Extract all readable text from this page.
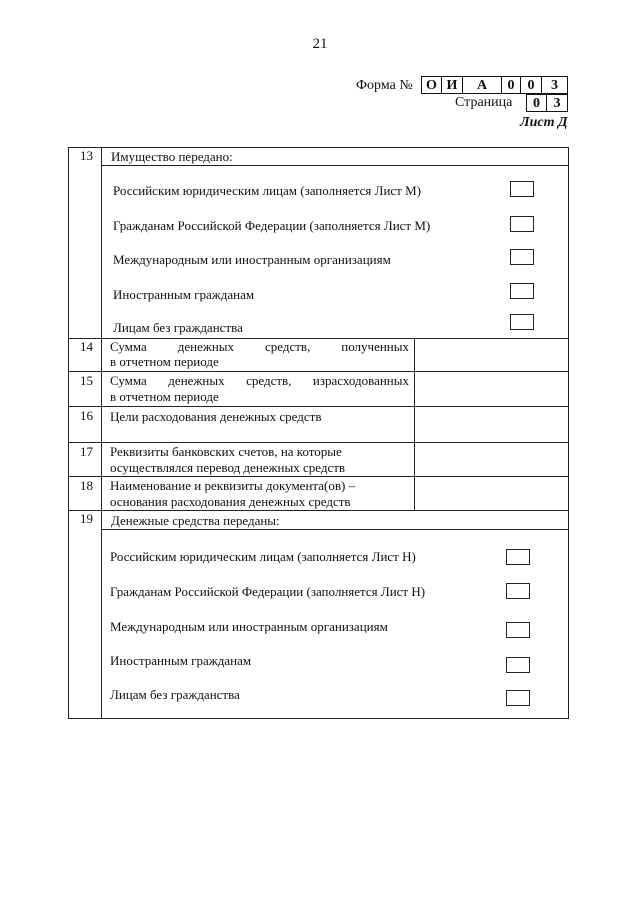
21
Форма № О И	А	0 0	3
Страница	0 3
Лист Д
13 Имущество передано:
Российским юридическим лицам (заполняется Лист М)
Гражданам Российской Федерации (заполняется Лист М)
Международным или иностранным организациям
Иностранным гражданам
Лицам без гражданства
14 Сумма денежных средств, полученных
в отчетном периоде
15 Сумма денежных средств, израсходованных
в отчетном периоде
16 Цели расходования денежных средств
17 Реквизиты банковских счетов, на которые
осуществлялся перевод денежных средств
18 Наименование и реквизиты документа(ов) –
основания расходования денежных средств
19 Денежные средства переданы:
Российским юридическим лицам (заполняется Лист Н)
Гражданам Российской Федерации (заполняется Лист Н)
Международным или иностранным организациям
Иностранным гражданам
Лицам без гражданства
